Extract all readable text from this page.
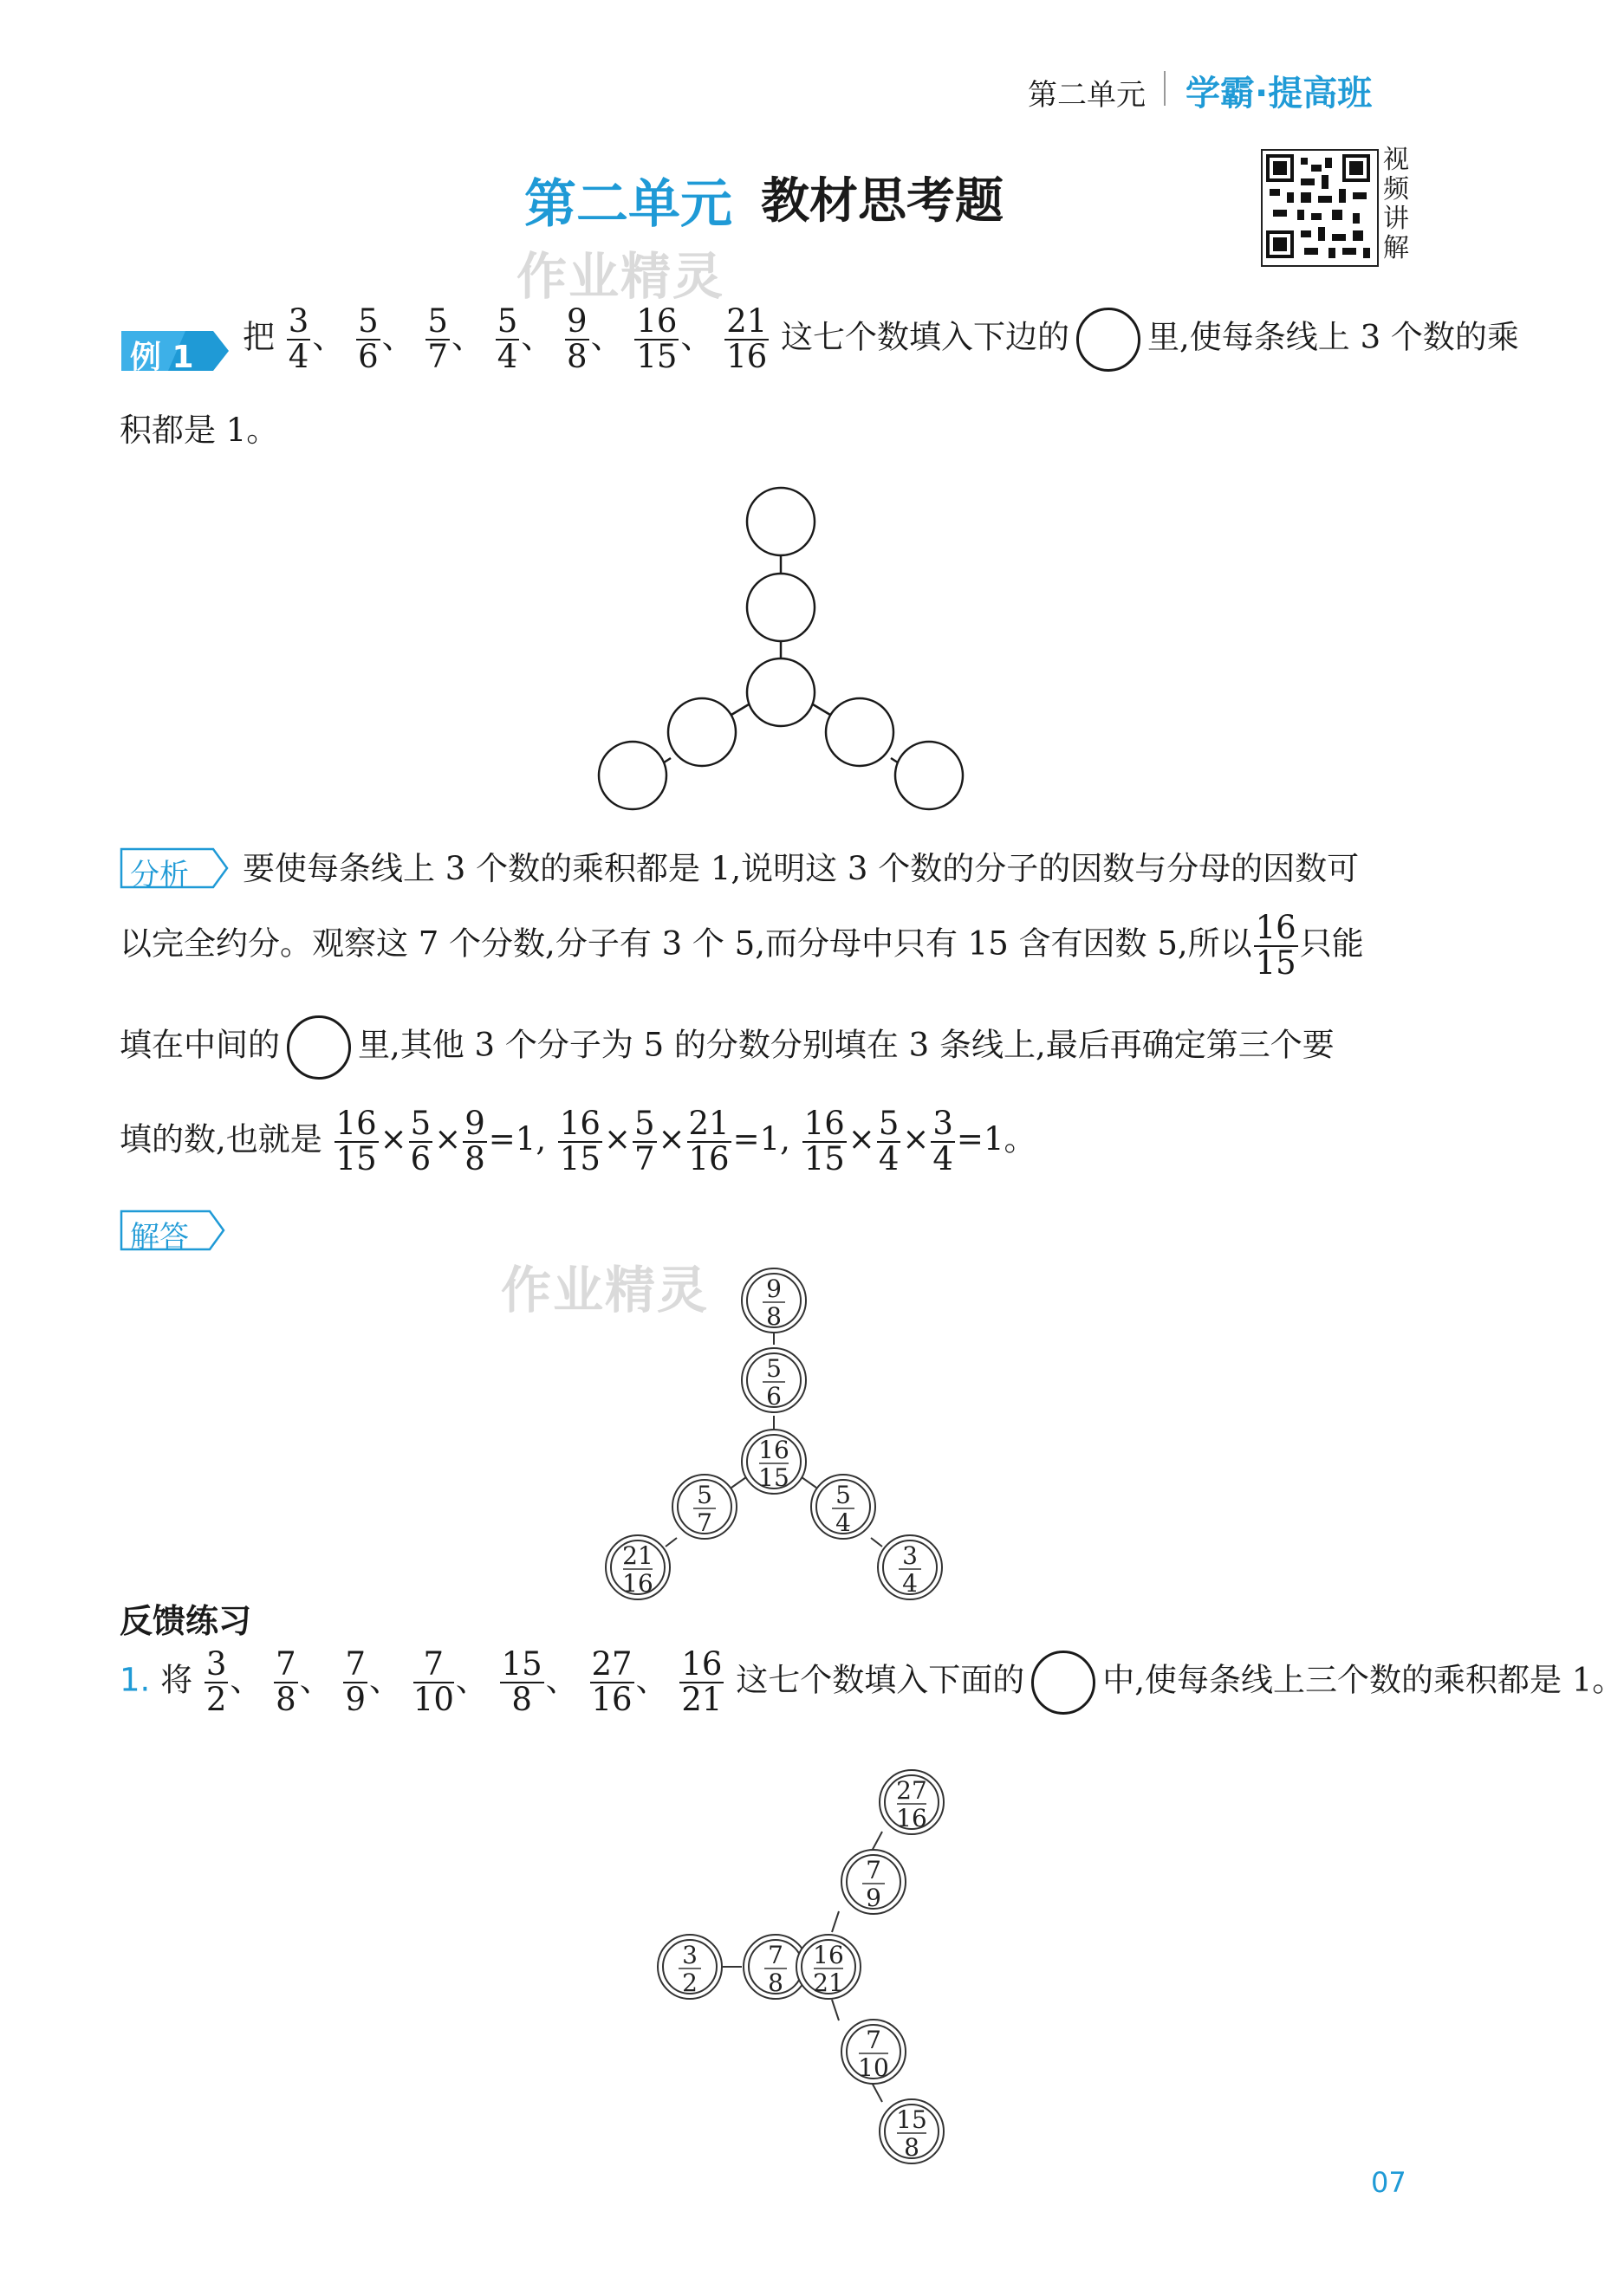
第二单元 学霸·提高班
第二单元 教材思考题
视频讲解
作业精灵
作业精灵
例 1
把 $\frac{3}{4}$ 、 $\frac{5}{6}$ 、 $\frac{5}{7}$ 、 $\frac{5}{4}$ 、 $\frac{9}{8}$ 、 $\frac{16}{15}$ 、 $\frac{21}{16}$ 这七个数填入下边的 里,使每条线上 3 个数的乘
积都是 1。
分析 要使每条线上 3 个数的乘积都是 1,说明这 3 个数的分子的因数与分母的因数可
以完全约分。观察这 7 个分数,分子有 3 个 5,而分母中只有 15 含有因数 5,所以 $\frac{16}{15}$ 只能
填在中间的 里,其他 3 个分子为 5 的分数分别填在 3 条线上,最后再确定第三个要
填的数,也就是 $\frac{16}{15} \times \frac{5}{6} \times \frac{9}{8} =1$, $\frac{16}{15} \times \frac{5}{7} \times \frac{21}{16} =1$, $\frac{16}{15} \times \frac{5}{4} \times \frac{3}{4} =1$。
解答
9
8
5
6
16
15
5
7
5
4
21
16
3
4
反馈练习
1. 将 $\frac{3}{2}$ 、 $\frac{7}{8}$ 、 $\frac{7}{9}$ 、 $\frac{7}{10}$ 、 $\frac{15}{8}$ 、 $\frac{27}{16}$ 、 $\frac{16}{21}$ 这七个数填入下面的 中,使每条线上三个数的乘积都是 1。
27
16
7
9
3
2
7
8
16
21
7
10
15
8
07
